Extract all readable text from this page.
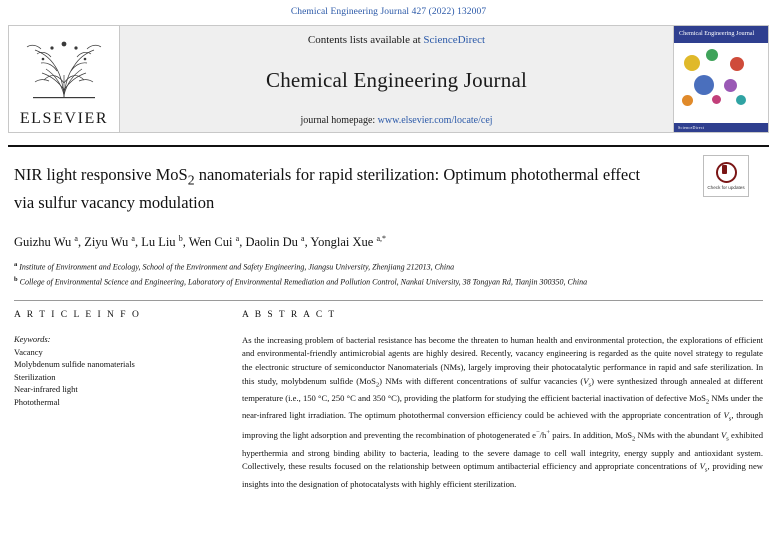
Chemical Engineering Journal 427 (2022) 132007
ELSEVIER
Contents lists available at ScienceDirect
Chemical Engineering Journal
journal homepage: www.elsevier.com/locate/cej
Chemical Engineering Journal
ScienceDirect
NIR light responsive MoS$_2$ nanomaterials for rapid sterilization: Optimum photothermal effect via sulfur vacancy modulation
Check for updates
Guizhu Wu $^a$, Ziyu Wu $^a$, Lu Liu $^b$, Wen Cui $^a$, Daolin Du $^a$, Yonglai Xue $^{a,*}$
$^a$ Institute of Environment and Ecology, School of the Environment and Safety Engineering, Jiangsu University, Zhenjiang 212013, China
$^b$ College of Environmental Science and Engineering, Laboratory of Environmental Remediation and Pollution Control, Nankai University, 38 Tongyan Rd, Tianjin 300350, China
A R T I C L E I N F O
Keywords:
Vacancy
Molybdenum sulfide nanomaterials
Sterilization
Near-infrared light
Photothermal
A B S T R A C T
As the increasing problem of bacterial resistance has become the threaten to human health and environmental protection, the explorations of efficient and environmental-friendly antimicrobial agents are highly desired. Recently, vacancy engineering is regarded as the quite novel strategy to regulate the electronic structure of semiconductor Nanomaterials (NMs), largely improving their photocatalytic performance in rapid and safe sterilization. In this study, molybdenum sulfide (MoS$_2$) NMs with different concentrations of sulfur vacancies $(V_s)$ were synthesized through annealed at different temperature (i.e., 150 °C, 250 °C and 350 °C), providing the platform for studying the efficient bacterial inactivation of defective MoS$_2$ NMs under the near-infrared light irradiation. The optimum photothermal conversion efficiency could be achieved with the appropriate concentration of $V_s$, through improving the light adsorption and preventing the recombination of photogenerated e−/h+ pairs. In addition, MoS$_2$ NMs with the abundant $V_s$ exhibited hyperthermia and strong binding ability to bacteria, leading to the severe damage to cell wall integrity, energy supply and antioxidant system. Collectively, these results focused on the relationship between optimum antibacterial efficiency and appropriate concentrations of $V_s$, providing new insights into the designation of photocatalysts with highly efficient sterilization.
